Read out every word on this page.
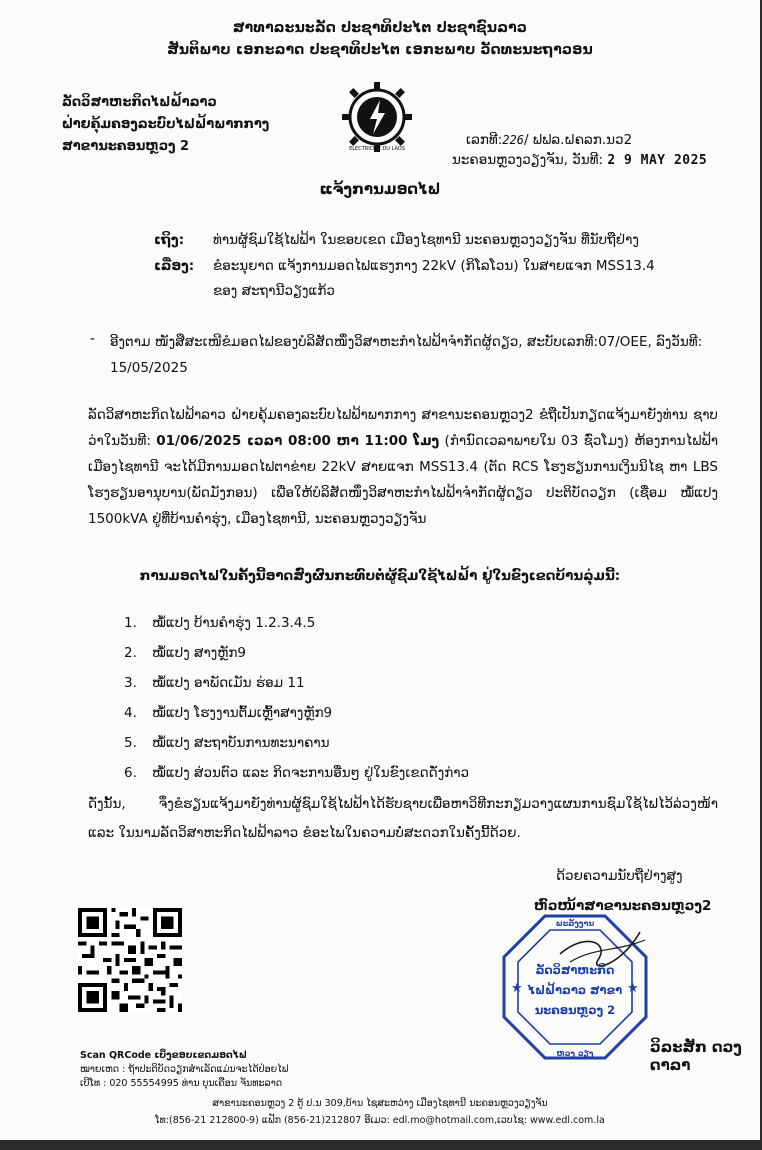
ສາທາລະນະລັດ ປະຊາທິປະໄຕ ປະຊາຊົນລາວ
ສັນຕິພາບ ເອກະລາດ ປະຊາທິປະໄຕ ເອກະພາບ ວັດທະນະຖາວອນ
ລັດວິສາຫະກິດໄຟຟ້າລາວ
ຝ່າຍຄຸ້ມຄອງລະບົບໄຟຟ້າພາກກາງ
ສາຂານະຄອນຫຼວງ 2	ELECTRICITE DU LAOS
ເລກທີ:226/ ຟຟລ.ຝຄລກ.ນວ2
ນະຄອນຫຼວງວຽງຈັນ, ວັນທີ: 2 9 MAY 2025
ແຈ້ງການມອດໄຟ
ເຖິງ: ທ່ານຜູ້ຊົມໃຊ້ໄຟຟ້າ ໃນຂອບເຂດ ເມືອງໄຊທານີ ນະຄອນຫຼວງວຽງຈັນ ທີ່ນັບຖືຢ່າງ
ເລື່ອງ: ຂໍອະນຸຍາດ ແຈ້ງການມອດໄຟແຮງກາງ 22kV (ກິໂລໂວນ) ໃນສາຍແຈກ MSS13.4
ຂອງ ສະຖານີວຽງແກ້ວ
- ອີງຕາມ ໜັງສືສະເໜີຂໍມອດໄຟຂອງບໍລິສັດໜຶ່ງວິສາຫະກຳໄຟຟ້າຈຳກັດຜູ້ດຽວ, ສະບັບເລກທີ:07/OEE, ລົງວັນທີ: 15/05/2025
ລັດວິສາຫະກິດໄຟຟ້າລາວ ຝ່າຍຄຸ້ມຄອງລະບົບໄຟຟ້າພາກກາງ ສາຂານະຄອນຫຼວງ2 ຂໍຖືເປັນກຽດແຈ້ງມາຍັງທ່ານ ຊາບວ່າໃນວັນທີ: 01/06/2025 ເວລາ 08:00 ຫາ 11:00 ໂມງ (ກຳນົດເວລາພາຍໃນ 03 ຊົ່ວໂມງ) ຫ້ອງການໄຟຟ້າ ເມືອງໄຊທານີ ຈະໄດ້ມີການມອດໄຟຕາຂ່າຍ 22kV ສາຍແຈກ MSS13.4 (ຕັດ RCS ໂຮງຮຽນການເງິນນິໄຊ ຫາ LBS ໂຮງຮຽນອານຸບານ(ພັດມັງກອນ) ເພື່ອໃຫ້ບໍລິສັດໜຶ່ງວິສາຫະກຳໄຟຟ້າຈຳກັດຜູ້ດຽວ ປະຕິບັດວຽກ (ເຊື່ອມ ໝໍ້ແປງ 1500kVA ຢູ່ທີ່ບ້ານຄຳຮຸ່ງ, ເມືອງໄຊທານີ, ນະຄອນຫຼວງວຽງຈັນ
ການມອດໄຟໃນຄັ້ງນີ້ອາດສົ່ງຜົນກະທົບຕໍ່ຜູ້ຊົມໃຊ້ໄຟຟ້າ ຢູ່ໃນຂົງເຂດບ້ານລຸ່ມນີ້:
1. ໝໍ້ແປງ ບ້ານຄຳຮຸ່ງ 1.2.3.4.5
2. ໝໍ້ແປງ ສາງຫຼັກ9
3. ໝໍ້ແປງ ອາພັດເມັນ ຮ່ອມ 11
4. ໝໍ້ແປງ ໂຮງງານຕົ້ມເຫຼົ້າສາງຫຼັກ9
5. ໝໍ້ແປງ ສະຖາບັນການທະນາຄານ
6. ໝໍ້ແປງ ສ່ວນຕົວ ແລະ ກິດຈະການອື່ນໆ ຢູ່ໃນຂົງເຂດດັ່ງກ່າວ
ດັ່ງນັ້ນ, ຈຶ່ງຂໍຮຽນແຈ້ງມາຍັງທ່ານຜູ້ຊົມໃຊ້ໄຟຟ້າໄດ້ຮັບຊາບເພື່ອຫາວິທີກະກຽມວາງແຜນການຊົມໃຊ້ໄຟໄວ້ລ່ວງໜ້າ ແລະ ໃນນາມລັດວິສາຫະກິດໄຟຟ້າລາວ ຂໍອະໄພໃນຄວາມບໍ່ສະດວກໃນຄັ້ງນີ້ດ້ວຍ.
ດ້ວຍຄວາມນັບຖືຢ່າງສູງ
ຫົວໜ້າສາຂານະຄອນຫຼວງ2
ພະລັງງານ
ລັດວິສາຫະກິດ
ໄຟຟ້າລາວ ສາຂາ
ນະຄອນຫຼວງ 2
ຫຼວງ ວຽງ
★	★
ວິລະສັກ ດວງດາລາ
Scan QRCode ເບິ່ງຂອບເຂດມອດໄຟ
ໝາຍເຫດ : ຖ້າປະຕິບັດວຽກສຳເລັດແມ່ນຈະໄດ້ປ່ອຍໄຟ
ເບີໂທ : 020 55554995 ທ່ານ ບຸນເຄືອນ ຈັນທະລາດ
ສາຂານະຄອນຫຼວງ 2 ຕູ້ ປ.ນ 309,ບ້ານ ໄຊສະຫວ່າງ ເມືອງໄຊທານີ ນະຄອນຫຼວງວຽງຈັນ
ໂທ:(856-21 212800-9) ແຟັກ (856-21)212807 ອີເມວ: edl.mo@hotmail.com,ເວບໄຊ: www.edl.com.la
